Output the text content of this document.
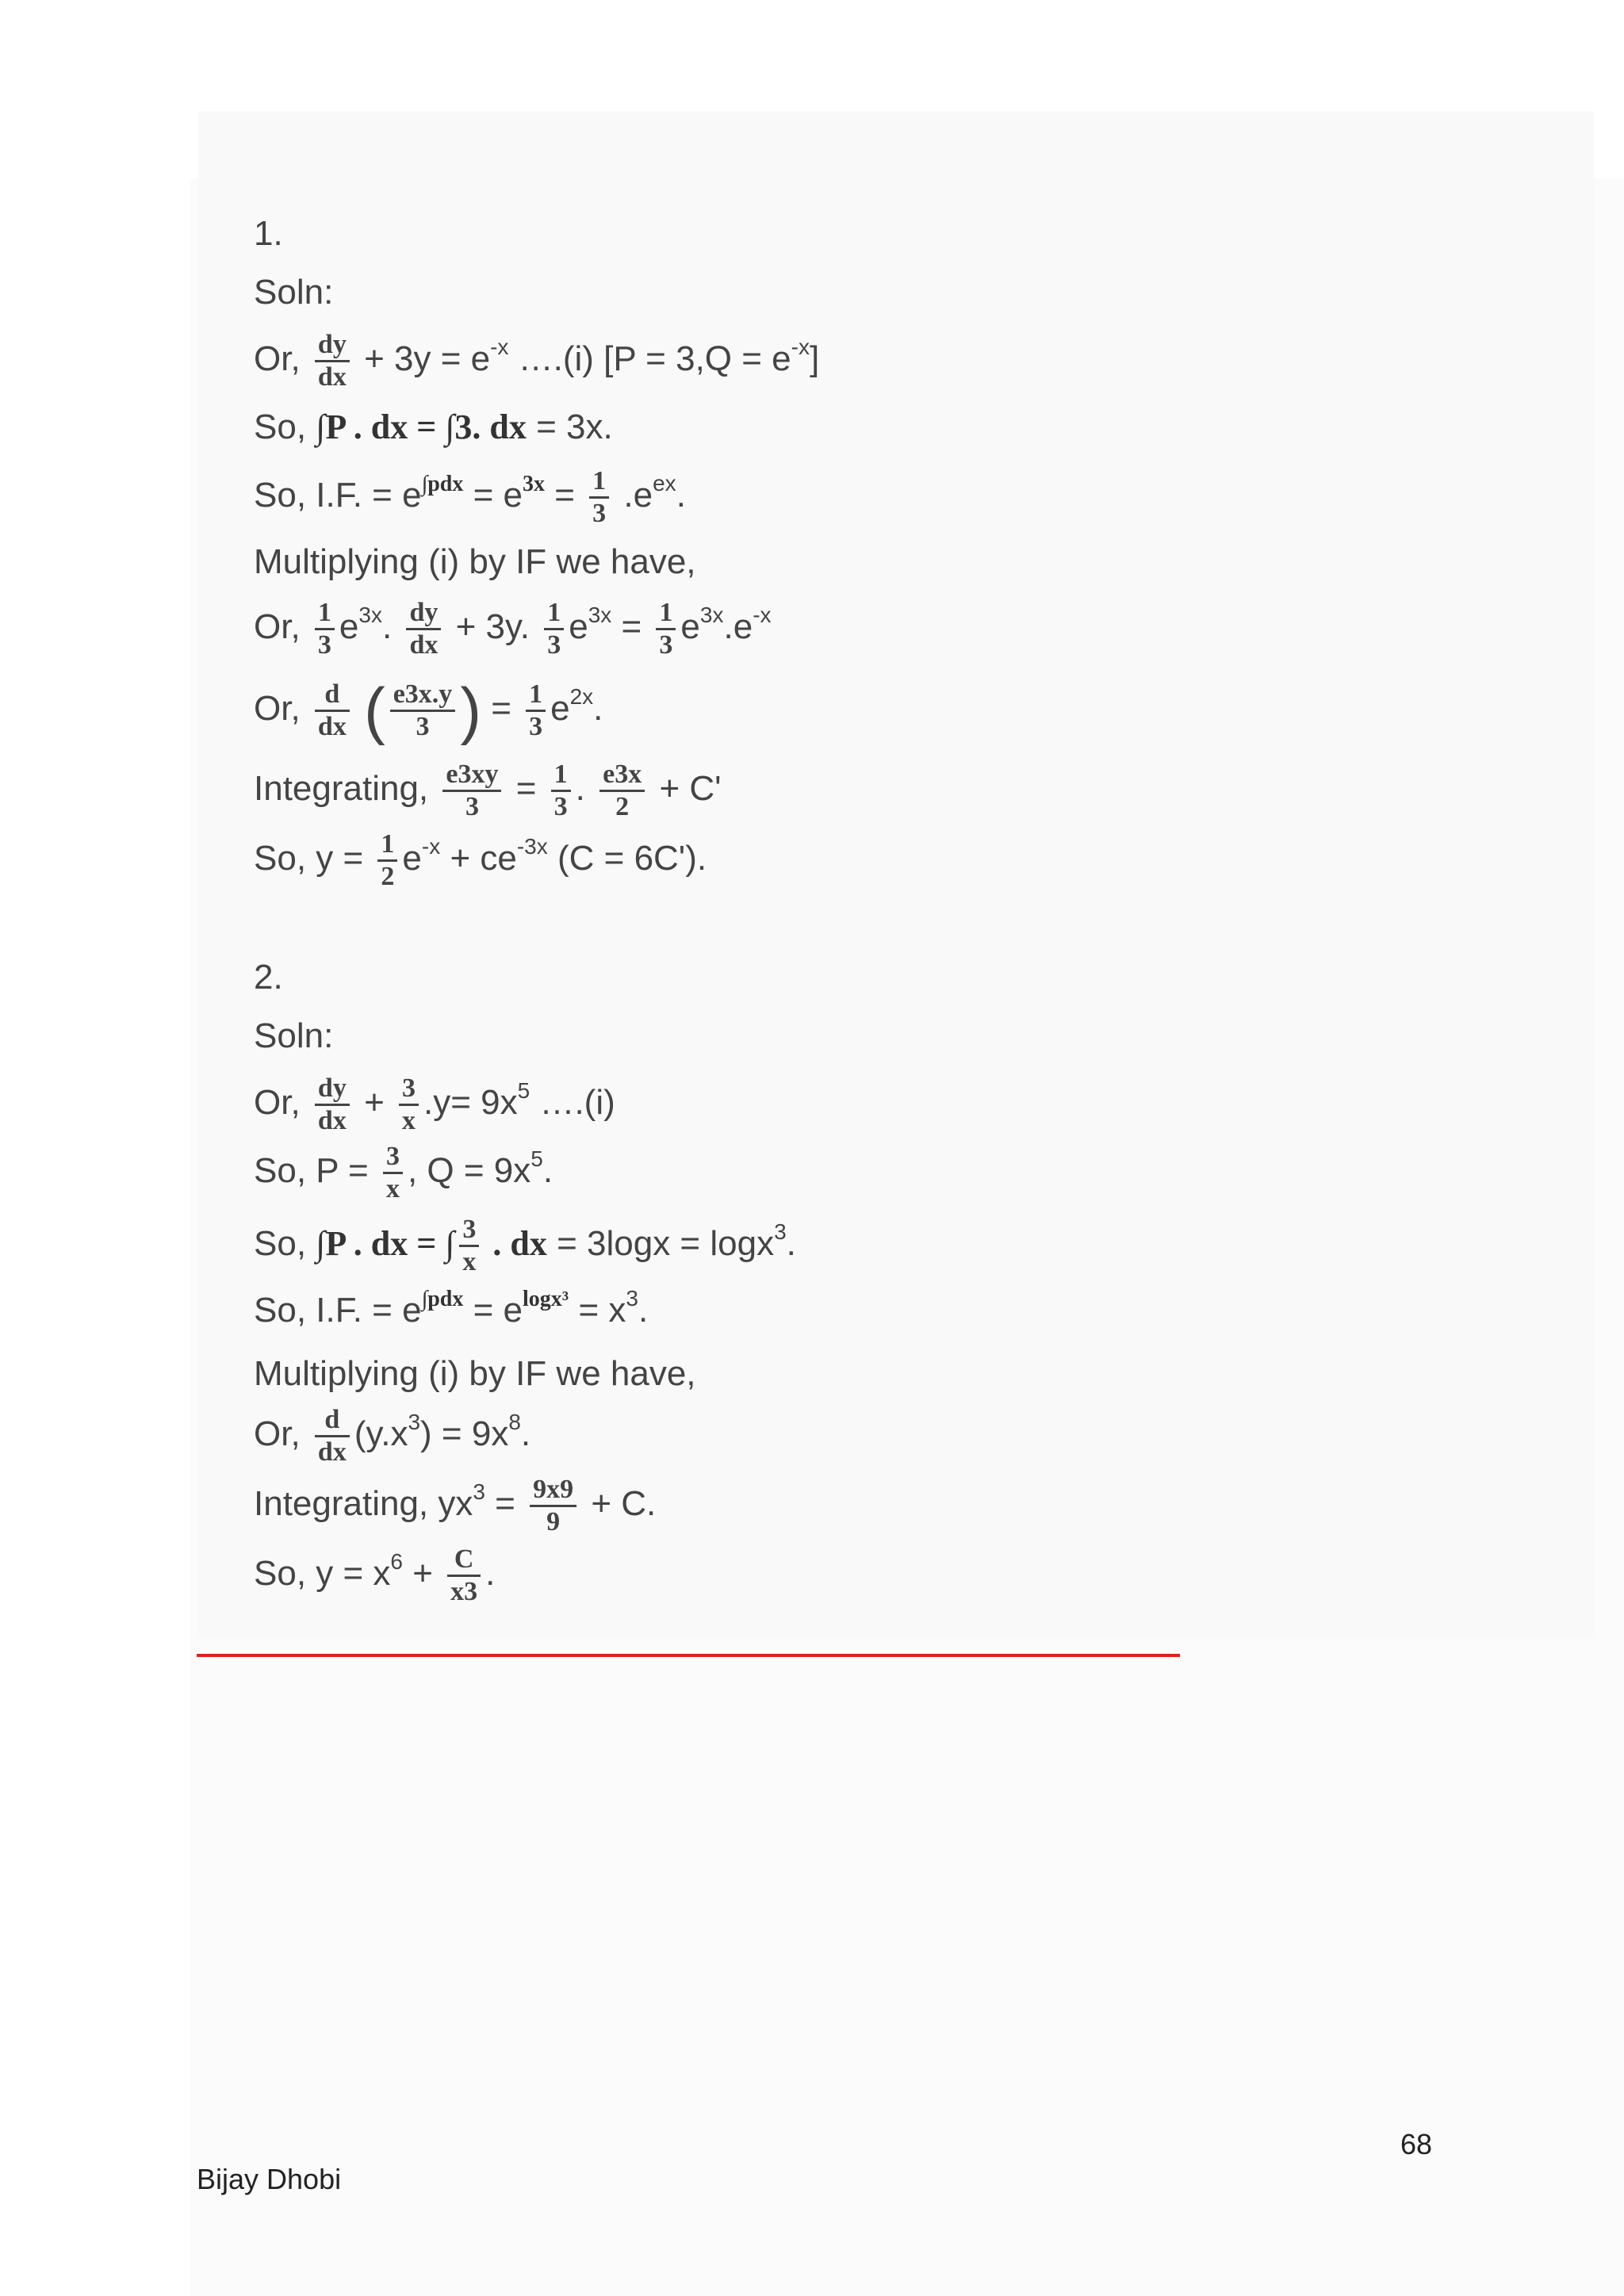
1.
Soln:
Or, $\frac{dy}{dx} + 3y = e^{-x}$ ….(i) $[P = 3,Q = e^{-x}]$
So, ∫P . dx = ∫3. dx = 3x.
So, I.F. = $e^{\int pdx} = e^{3x} = \frac{1}{3} .e^{ex}$.
Multiplying (i) by IF we have,
Or, $\frac{1}{3} e^{3x}$. $\frac{dy}{dx} + 3y$. $\frac{1}{3} e^{3x} = \frac{1}{3} e^{3x}.e^{-x}$
Or, $\frac{d}{dx}$ ( $\frac{e3x.y}{3}$ ) = $\frac{1}{3} e^{2x}$.
Integrating, $\frac{e3xy}{3} = \frac{1}{3}$ . $\frac{e3x}{2} + C'$
So, $y = \frac{1}{2} e^{-x} + ce^{-3x}$ (C = 6C').
2.
Soln:
Or, $\frac{dy}{dx} + \frac{3}{x} .y= 9x^5$ ….(i)
So, $P = \frac{3}{x}$ , $Q = 9x^5$.
So, ∫P . dx = ∫ $\frac{3}{x}$ . dx = 3logx = logx$^3$.
So, I.F. = $e^{\int pdx} = e^{logx^3} = x^3$.
Multiplying (i) by IF we have,
Or, $\frac{d}{dx} (y.x^3) = 9x^8$.
Integrating, $yx^3 = \frac{9x9}{9} + C$.
So, $y = x^6 + \frac{C}{x3}$ .
68
Bijay Dhobi
